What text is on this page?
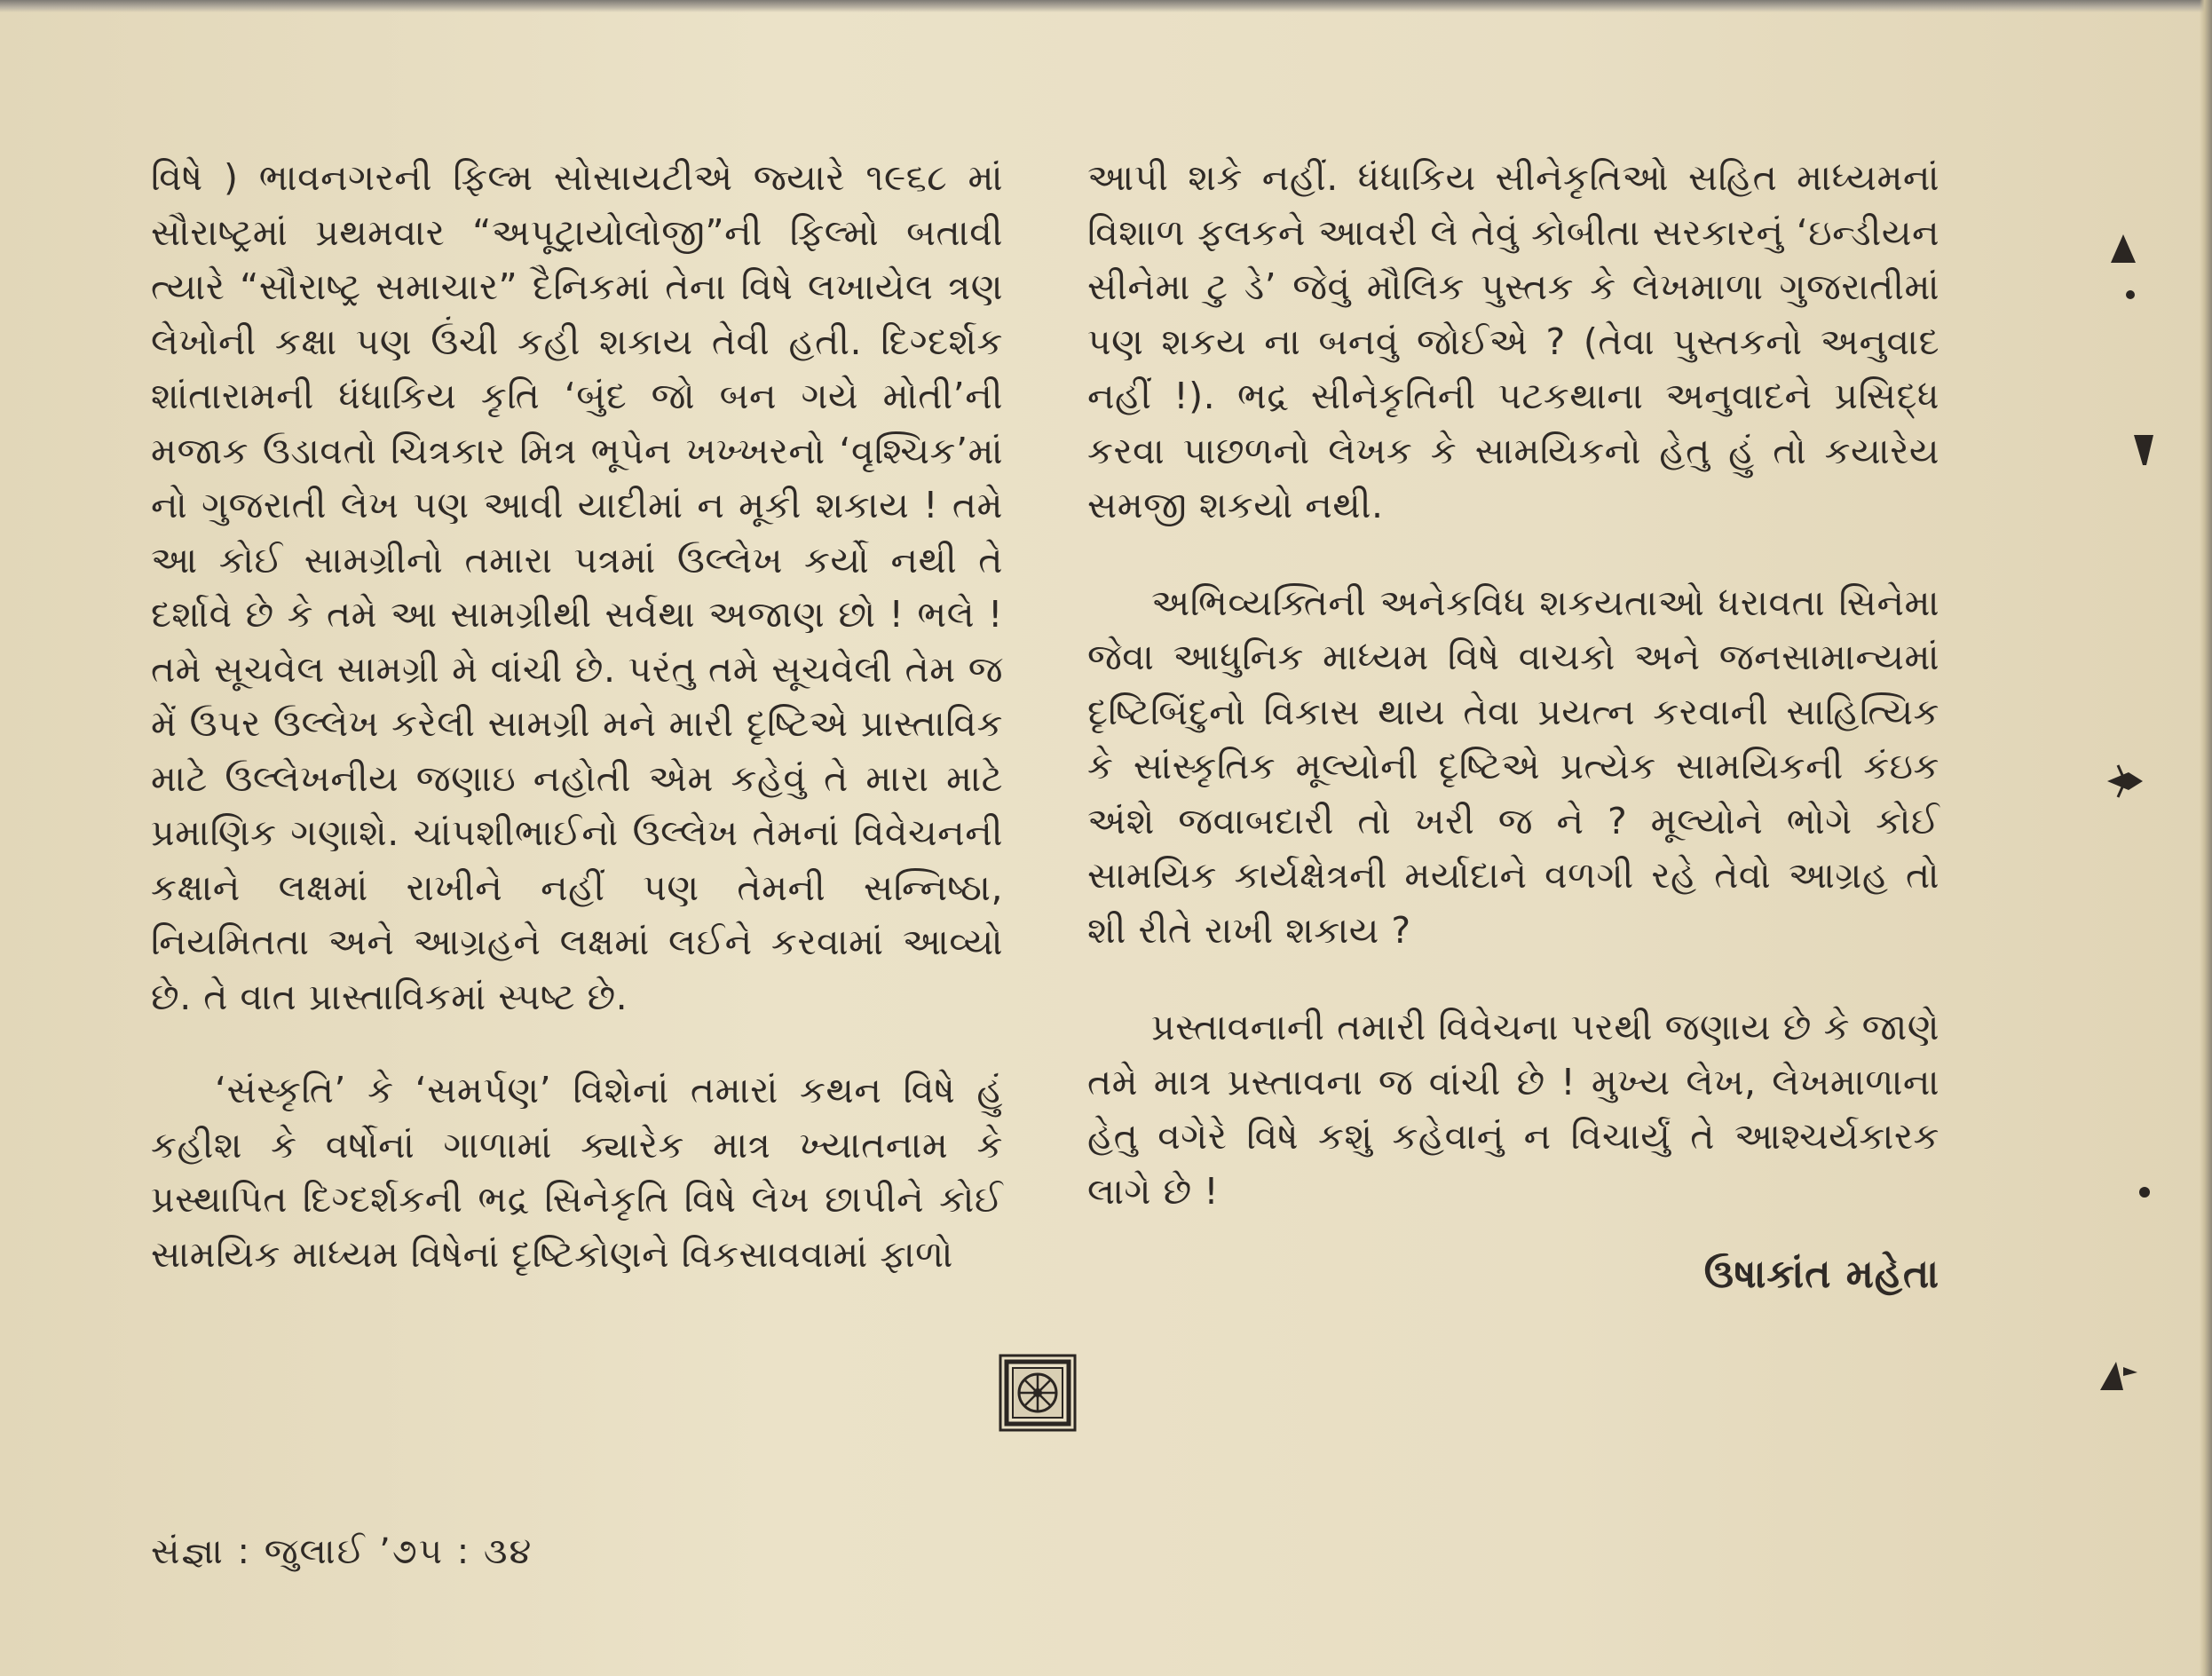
વિષે ) ભાવનગરની ફિલ્મ સોસાયટીએ જ્યારે ૧૯૬૮ માં સૌરાષ્ટ્રમાં પ્રથમવાર “અપૂટ્રાયોલોજી”ની ફિલ્મો બતાવી ત્યારે “સૌરાષ્ટ્ર સમાચાર” દૈનિકમાં તેના વિષે લખાયેલ ત્રણ લેખોની કક્ષા પણ ઉંચી કહી શકાય તેવી હતી. દિગ્દર્શક શાંતારામની ધંધાકિય કૃતિ ‘બુંદ જો બન ગયે મોતી’ની મજાક ઉડાવતો ચિત્રકાર મિત્ર ભૂપેન ખખ્ખરનો ‘વૃશ્ચિક’માં નો ગુજરાતી લેખ પણ આવી યાદીમાં ન મૂકી શકાય ! તમે આ કોઈ સામગ્રીનો તમારા પત્રમાં ઉલ્લેખ કર્યો નથી તે દર્શાવે છે કે તમે આ સામગ્રીથી સર્વથા અજાણ છો ! ભલે ! તમે સૂચવેલ સામગ્રી મે વાંચી છે. પરંતુ તમે સૂચવેલી તેમ જ મેં ઉપર ઉલ્લેખ કરેલી સામગ્રી મને મારી દૃષ્ટિએ પ્રાસ્તાવિક માટે ઉલ્લેખનીય જણાઇ નહોતી એમ કહેવું તે મારા માટે પ્રમાણિક ગણાશે. ચાંપશીભાઈનો ઉલ્લેખ તેમનાં વિવેચનની કક્ષાને લક્ષમાં રાખીને નહીં પણ તેમની સન્નિષ્ઠા, નિયમિતતા અને આગ્રહને લક્ષમાં લઈને કરવામાં આવ્યો છે. તે વાત પ્રાસ્તાવિકમાં સ્પષ્ટ છે.

‘સંસ્કૃતિ’ કે ‘સમર્પણ’ વિશેનાં તમારાં કથન વિષે હું કહીશ કે વર્ષોનાં ગાળામાં ક્યારેક માત્ર ખ્યાતનામ કે પ્રસ્થાપિત દિગ્દર્શકની ભદ્ર સિનેકૃતિ વિષે લેખ છાપીને કોઈ સામયિક માધ્યમ વિષેનાં દૃષ્ટિકોણને વિકસાવવામાં ફાળો

આપી શકે નહીં. ધંધાકિય સીનેકૃતિઓ સહિત માધ્યમનાં વિશાળ ફલકને આવરી લે તેવું કોબીતા સરકારનું ‘ઇન્ડીયન સીનેમા ટુ ડે’ જેવું મૌલિક પુસ્તક કે લેખમાળા ગુજરાતીમાં પણ શકય ના બનવું જોઈએ ? (તેવા પુસ્તકનો અનુવાદ નહીં !). ભદ્ર સીનેકૃતિની પટકથાના અનુવાદને પ્રસિદ્ધ કરવા પાછળનો લેખક કે સામયિકનો હેતુ હું તો કયારેય સમજી શકયો નથી.

અભિવ્યક્તિની અનેકવિધ શકયતાઓ ધરાવતા સિનેમા જેવા આધુનિક માધ્યમ વિષે વાચકો અને જનસામાન્યમાં દૃષ્ટિબિંદુનો વિકાસ થાય તેવા પ્રયત્ન કરવાની સાહિત્યિક કે સાંસ્કૃતિક મૂલ્યોની દૃષ્ટિએ પ્રત્યેક સામયિકની કંઇક અંશે જવાબદારી તો ખરી જ ને ? મૂલ્યોને ભોગે કોઈ સામયિક કાર્યક્ષેત્રની મર્યાદાને વળગી રહે તેવો આગ્રહ તો શી રીતે રાખી શકાય ?

પ્રસ્તાવનાની તમારી વિવેચના પરથી જણાય છે કે જાણે તમે માત્ર પ્રસ્તાવના જ વાંચી છે ! મુખ્ય લેખ, લેખમાળાના હેતુ વગેરે વિષે કશું કહેવાનું ન વિચાર્યું તે આશ્ચર્યકારક લાગે છે !

ઉષાકાંત મહેતા
સંજ્ઞા : જુલાઈ ’૭૫ : ૩૪
